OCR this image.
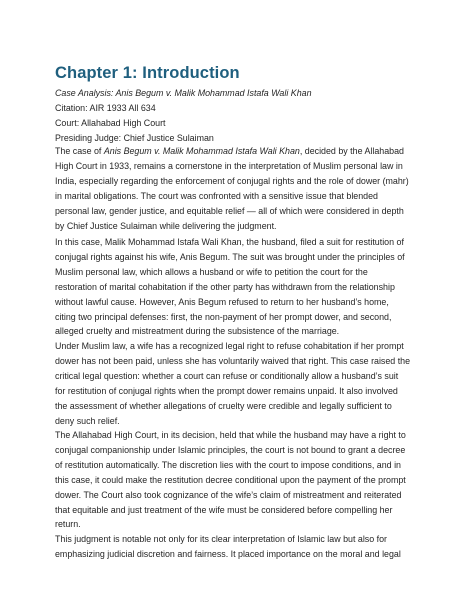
Chapter 1: Introduction
Case Analysis: Anis Begum v. Malik Mohammad Istafa Wali Khan
Citation: AIR 1933 All 634
Court: Allahabad High Court
Presiding Judge: Chief Justice Sulaiman

The case of Anis Begum v. Malik Mohammad Istafa Wali Khan, decided by the Allahabad
High Court in 1933, remains a cornerstone in the interpretation of Muslim personal law in
India, especially regarding the enforcement of conjugal rights and the role of dower (mahr)
in marital obligations. The court was confronted with a sensitive issue that blended
personal law, gender justice, and equitable relief — all of which were considered in depth
by Chief Justice Sulaiman while delivering the judgment.

In this case, Malik Mohammad Istafa Wali Khan, the husband, filed a suit for restitution of
conjugal rights against his wife, Anis Begum. The suit was brought under the principles of
Muslim personal law, which allows a husband or wife to petition the court for the
restoration of marital cohabitation if the other party has withdrawn from the relationship
without lawful cause. However, Anis Begum refused to return to her husband’s home,
citing two principal defenses: first, the non-payment of her prompt dower, and second,
alleged cruelty and mistreatment during the subsistence of the marriage.

Under Muslim law, a wife has a recognized legal right to refuse cohabitation if her prompt
dower has not been paid, unless she has voluntarily waived that right. This case raised the
critical legal question: whether a court can refuse or conditionally allow a husband’s suit
for restitution of conjugal rights when the prompt dower remains unpaid. It also involved
the assessment of whether allegations of cruelty were credible and legally sufficient to
deny such relief.

The Allahabad High Court, in its decision, held that while the husband may have a right to
conjugal companionship under Islamic principles, the court is not bound to grant a decree
of restitution automatically. The discretion lies with the court to impose conditions, and in
this case, it could make the restitution decree conditional upon the payment of the prompt
dower. The Court also took cognizance of the wife’s claim of mistreatment and reiterated
that equitable and just treatment of the wife must be considered before compelling her
return.

This judgment is notable not only for its clear interpretation of Islamic law but also for
emphasizing judicial discretion and fairness. It placed importance on the moral and legal
